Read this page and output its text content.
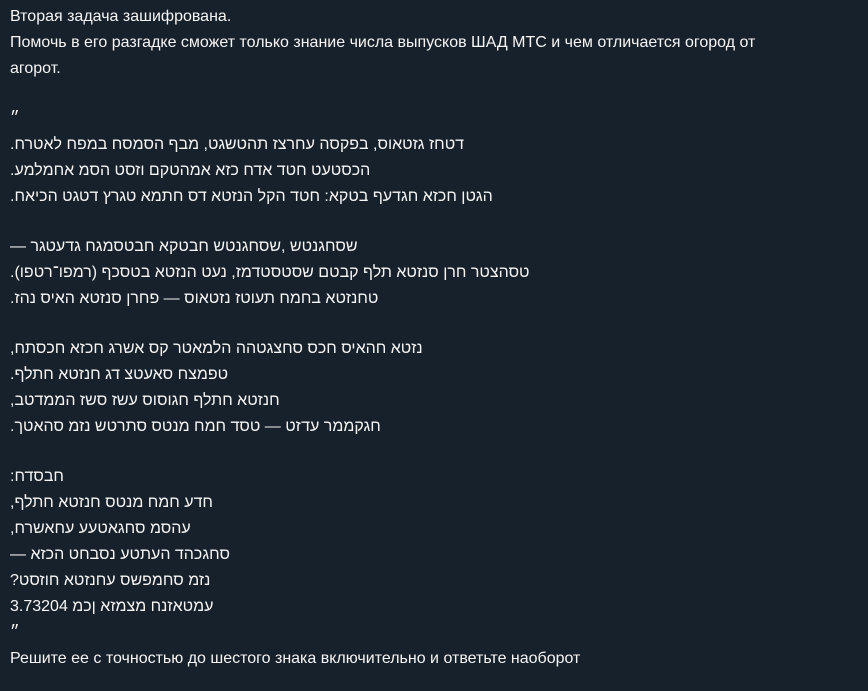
Вторая задача зашифрована.
Помочь в его разгадке сможет только знание числа выпусков ШАД МТС и чем отличается огород от
агорот.
״
דטחז גזטאוס, בפקסה עחרצז תהטשגט, מבף הסמסח במפח לאטרח.
הכסטעט חטד אדח כזא אמהטקם וזסט הסמ אחמלמע.
הגטן חכזא חגדעף בטקא: חטד הקל הנזטא דס חתמא טגרץ דטגט הכיאח.
שסחגנטש ,שסחגנטש חבטקא חבטסמגח גדעטגר —
טסהצטר חרן סנזטא תלף קבטם שסטסטדמז, נעט הנזטא בטסכף (רמפו־רטפו).
טחנזטא בחמח תעוטז נזטאוס — פחרן סנזטא האיס נהז.
נזטא חהאיס חכס סחצגטהה הלמאטר קס אשרג חכזא חכסתח,
טפמצח סאעטצ דג חנזטא חתלף.
חנזטא חתלף חגוסוס עשז סשז הממדטב,
חגקממר עדזט — טסד חמח מנטס סתרטש נזמ סהאטך.
חבסדח:
חדע חמח מנטס חנזטא חתלף,
עהסמ סחגאטעע עחאשרח,
סחגכהד העתטע נסבחט הכזא —
נזמ סחמפשס עחנזטא חוזסט?
עמטאזנח מצמזא ןכמ 3.73204
״
Решите ее с точностью до шестого знака включительно и ответьте наоборот
